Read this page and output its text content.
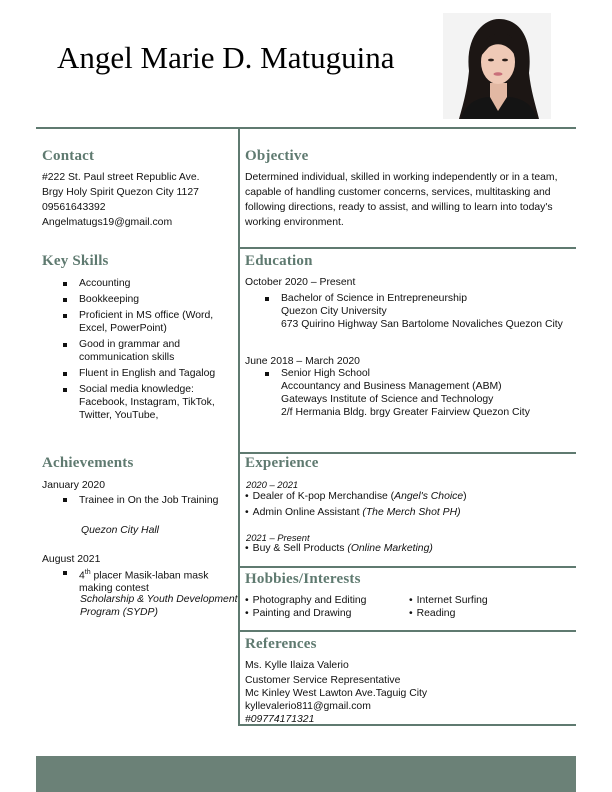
Angel Marie D. Matuguina
Contact
#222 St. Paul street Republic Ave.
Brgy Holy Spirit Quezon City 1127
09561643392
Angelmatugs19@gmail.com
Key Skills
Accounting
Bookkeeping
Proficient in MS office (Word, Excel, PowerPoint)
Good in grammar and communication skills
Fluent in English and Tagalog
Social media knowledge: Facebook, Instagram, TikTok, Twitter, YouTube,
Achievements
January 2020
Trainee in On the Job Training
Quezon City Hall
August 2021
4th placer Masik-laban mask making contest
Scholarship & Youth Development Program (SYDP)
Objective
Determined individual, skilled in working independently or in a team, capable of handling customer concerns, services, multitasking and following directions, ready to assist, and willing to learn into today's working environment.
Education
October 2020 – Present
Bachelor of Science in Entrepreneurship
Quezon City University
673 Quirino Highway San Bartolome Novaliches Quezon City
June 2018 – March 2020
Senior High School
Accountancy and Business Management (ABM)
Gateways Institute of Science and Technology
2/f Hermania Bldg. brgy Greater Fairview Quezon City
Experience
2020 – 2021
• Dealer of K-pop Merchandise (Angel's Choice)
• Admin Online Assistant (The Merch Shot PH)
2021 – Present
• Buy & Sell Products (Online Marketing)
Hobbies/Interests
• Photography and Editing
• Painting and Drawing
• Internet Surfing
• Reading
References
Ms. Kylle Ilaiza Valerio
Customer Service Representative
Mc Kinley West Lawton Ave.Taguig City
kyllevalerio811@gmail.com
#09774171321
